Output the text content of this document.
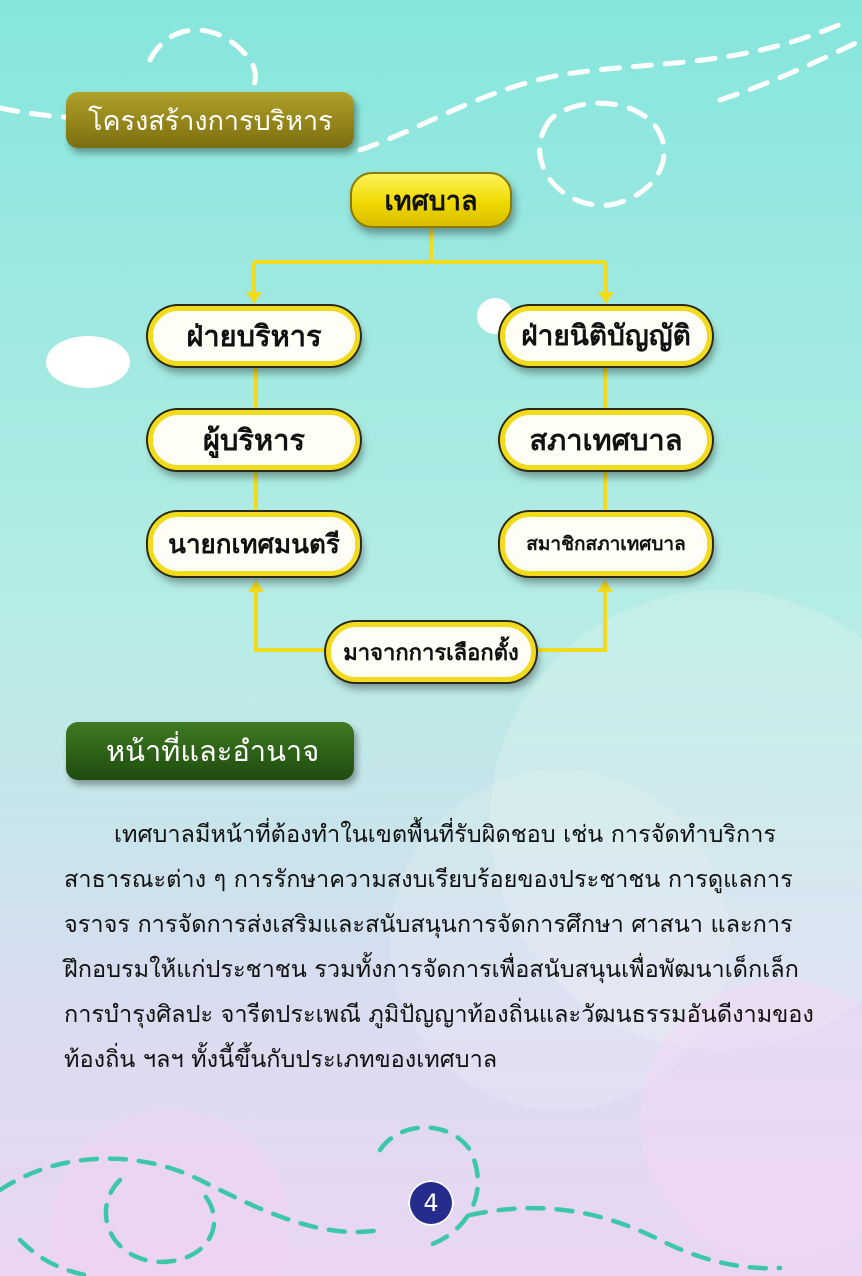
โครงสร้างการบริหาร
เทศบาล
ฝ่ายบริหาร	ฝ่ายนิติบัญญัติ
ผู้บริหาร	สภาเทศบาล
นายกเทศมนตรี	สมาชิกสภาเทศบาล
มาจากการเลือกตั้ง
หน้าที่และอำนาจ

เทศบาลมีหน้าที่ต้องทำในเขตพื้นที่รับผิดชอบ เช่น การจัดทำบริการสาธารณะต่าง ๆ การรักษาความสงบเรียบร้อยของประชาชน การดูแลการจราจร การจัดการส่งเสริมและสนับสนุนการจัดการศึกษา ศาสนา และการฝึกอบรมให้แก่ประชาชน รวมทั้งการจัดการเพื่อสนับสนุนเพื่อพัฒนาเด็กเล็ก การบำรุงศิลปะ จารีตประเพณี ภูมิปัญญาท้องถิ่นและวัฒนธรรมอันดีงามของท้องถิ่น ฯลฯ ทั้งนี้ขึ้นกับประเภทของเทศบาล

4
